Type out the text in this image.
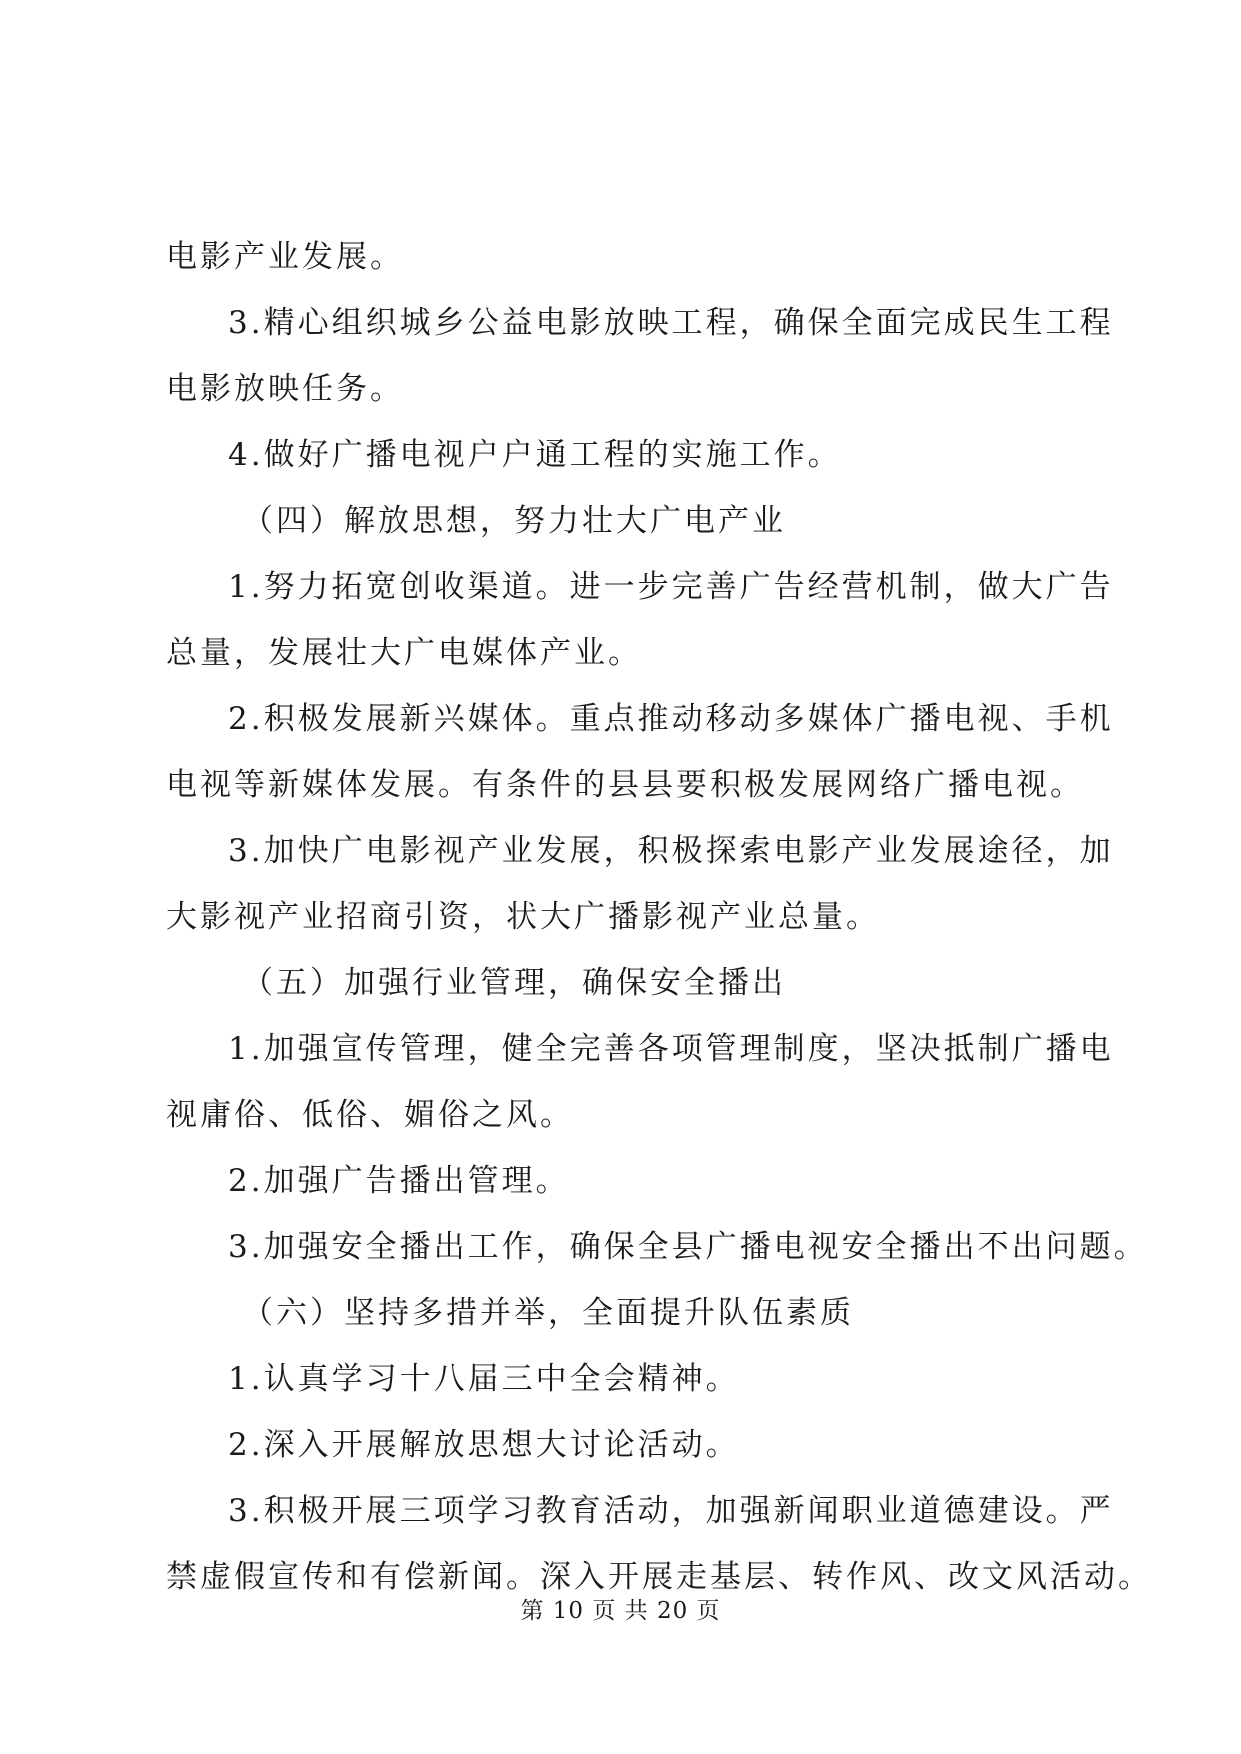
电影产业发展。
3.精心组织城乡公益电影放映工程，确保全面完成民生工程
电影放映任务。
4.做好广播电视户户通工程的实施工作。
（四）解放思想，努力壮大广电产业
1.努力拓宽创收渠道。进一步完善广告经营机制，做大广告
总量，发展壮大广电媒体产业。
2.积极发展新兴媒体。重点推动移动多媒体广播电视、手机
电视等新媒体发展。有条件的县县要积极发展网络广播电视。
3.加快广电影视产业发展，积极探索电影产业发展途径，加
大影视产业招商引资，状大广播影视产业总量。
（五）加强行业管理，确保安全播出
1.加强宣传管理，健全完善各项管理制度，坚决抵制广播电
视庸俗、低俗、媚俗之风。
2.加强广告播出管理。
3.加强安全播出工作，确保全县广播电视安全播出不出问题。
（六）坚持多措并举，全面提升队伍素质
1.认真学习十八届三中全会精神。
2.深入开展解放思想大讨论活动。
3.积极开展三项学习教育活动，加强新闻职业道德建设。严
禁虚假宣传和有偿新闻。深入开展走基层、转作风、改文风活动。
第 10 页 共 20 页
